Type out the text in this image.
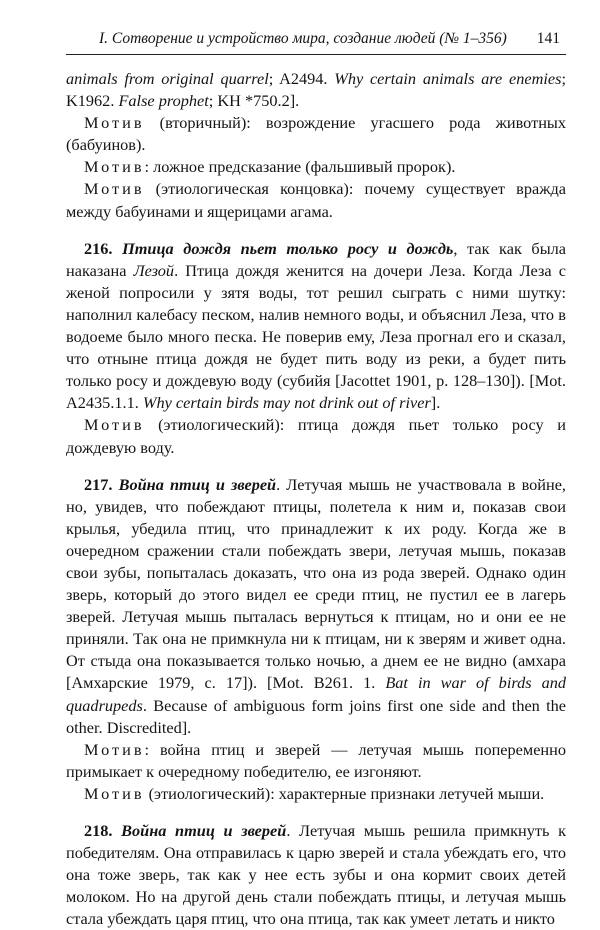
I. Сотворение и устройство мира, создание людей (№ 1–356) 141

animals from original quarrel; A2494. Why certain animals are enemies; K1962. False prophet; KH *750.2].

Мотив (вторичный): возрождение угасшего рода животных (бабуинов).

Мотив: ложное предсказание (фальшивый пророк).

Мотив (этиологическая концовка): почему существует вражда между бабуинами и ящерицами агама.

216. Птица дождя пьет только росу и дождь, так как была наказана Лезой. Птица дождя женится на дочери Леза. Когда Леза с женой попросили у зятя воды, тот решил сыграть с ними шутку: наполнил калебасу песком, налив немного воды, и объяснил Леза, что в водоеме было много песка. Не поверив ему, Леза прогнал его и сказал, что отныне птица дождя не будет пить воду из реки, а будет пить только росу и дождевую воду (субийя [Jacottet 1901, p. 128–130]). [Mot. A2435.1.1. Why certain birds may not drink out of river].

Мотив (этиологический): птица дождя пьет только росу и дождевую воду.

217. Война птиц и зверей. Летучая мышь не участвовала в войне, но, увидев, что побеждают птицы, полетела к ним и, показав свои крылья, убедила птиц, что принадлежит к их роду. Когда же в очередном сражении стали побеждать звери, летучая мышь, показав свои зубы, попыталась доказать, что она из рода зверей. Однако один зверь, который до этого видел ее среди птиц, не пустил ее в лагерь зверей. Летучая мышь пыталась вернуться к птицам, но и они ее не приняли. Так она не примкнула ни к птицам, ни к зверям и живет одна. От стыда она показывается только ночью, а днем ее не видно (амхара [Амхарские 1979, с. 17]). [Mot. B261. 1. Bat in war of birds and quadrupeds. Because of ambiguous form joins first one side and then the other. Discredited].

Мотив: война птиц и зверей — летучая мышь попеременно примыкает к очередному победителю, ее изгоняют.

Мотив (этиологический): характерные признаки летучей мыши.

218. Война птиц и зверей. Летучая мышь решила примкнуть к победителям. Она отправилась к царю зверей и стала убеждать его, что она тоже зверь, так как у нее есть зубы и она кормит своих детей молоком. Но на другой день стали побеждать птицы, и летучая мышь стала убеждать царя птиц, что она птица, так как умеет летать и никто
